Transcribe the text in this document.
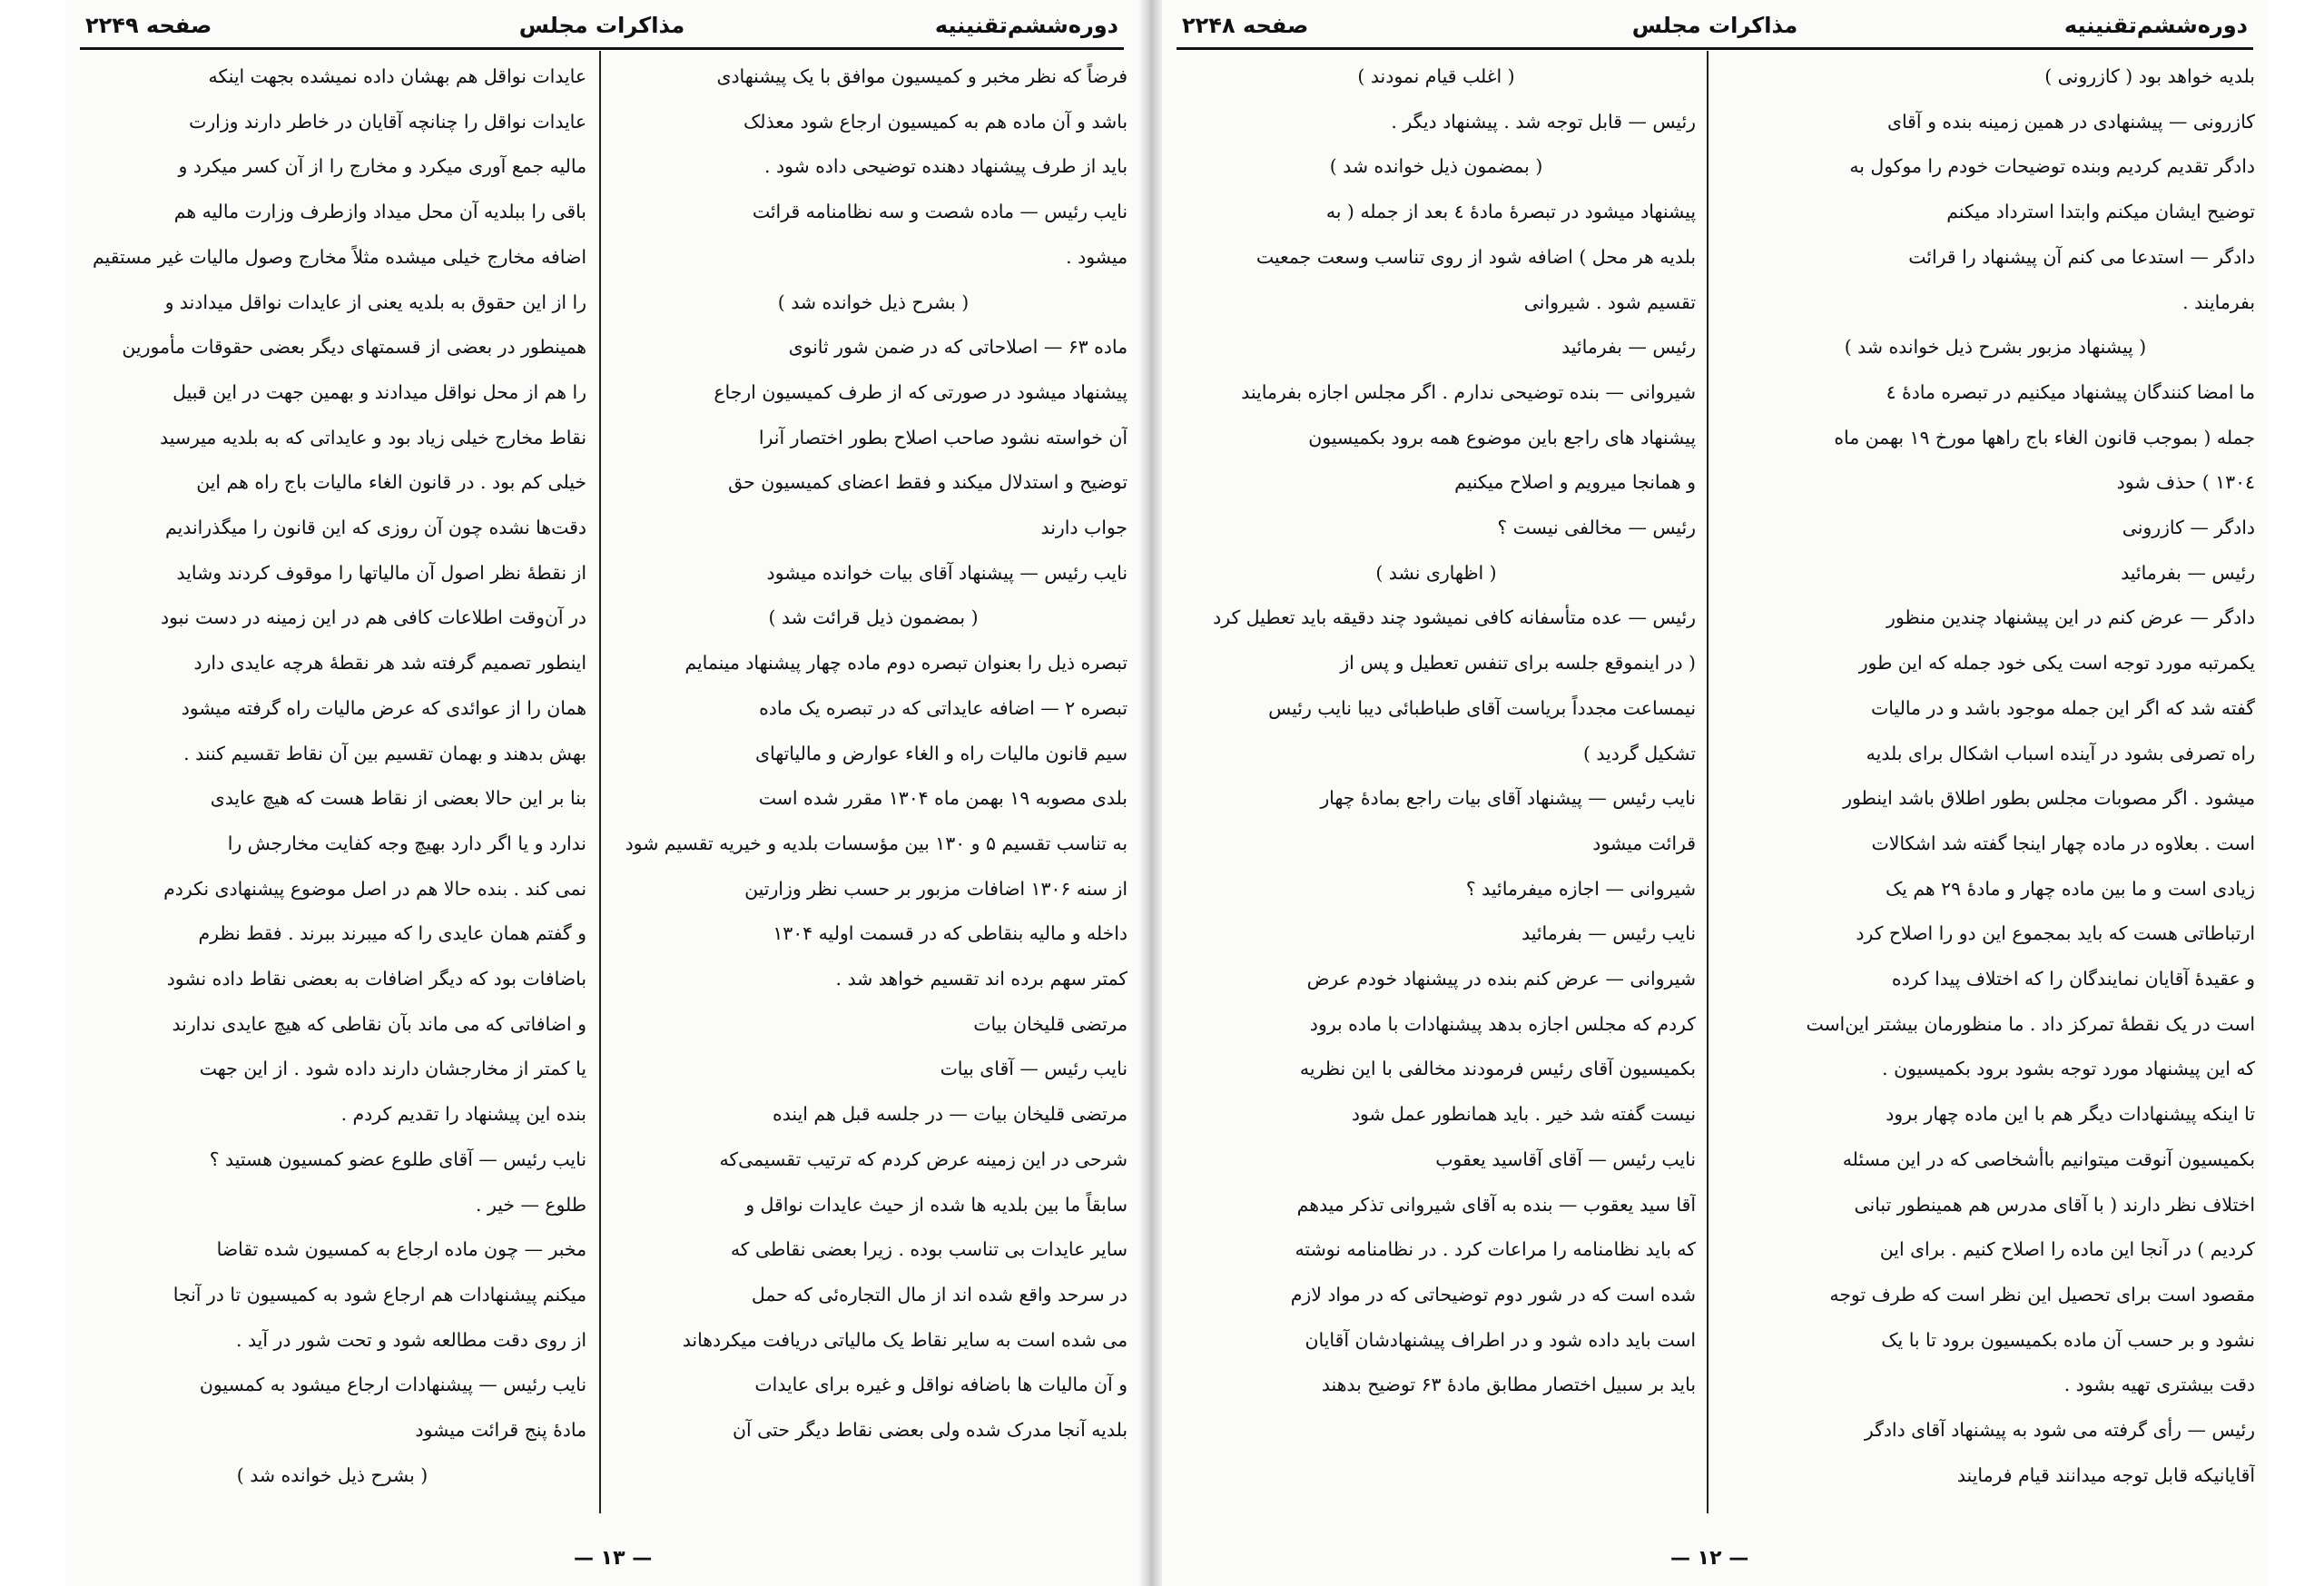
دوره‌ششم‌تقنینیه
مذاکرات مجلس
صفحه ۲۲۴۹

فرضاً که نظر مخبر و کمیسیون موافق با یک پیشنهادی

باشد و آن ماده هم به کمیسیون ارجاع شود معذلک

باید از طرف پیشنهاد دهنده توضیحی داده شود .

نایب رئیس — ماده شصت و سه نظامنامه قرائت

میشود .

( بشرح ذیل خوانده شد )

ماده ۶۳ — اصلاحاتی که در ضمن شور ثانوی

پیشنهاد میشود در صورتی که از طرف کمیسیون ارجاع

آن خواسته نشود صاحب اصلاح بطور اختصار آنرا

توضیح و استدلال میکند و فقط اعضای کمیسیون حق

جواب دارند

نایب رئیس — پیشنهاد آقای بیات خوانده میشود

( بمضمون ذیل قرائت شد )

تبصره ذیل را بعنوان تبصره دوم ماده چهار پیشنهاد مینمایم

تبصره ۲ — اضافه عایداتی که در تبصره یک ماده

سیم قانون مالیات راه و الغاء عوارض و مالیاتهای

بلدی مصوبه ۱۹ بهمن ماه ۱۳۰۴ مقرر شده است

به تناسب تقسیم ۵ و ۱۳۰ بین مؤسسات بلدیه و خیریه تقسیم شود

از سنه ۱۳۰۶ اضافات مزبور بر حسب نظر وزارتین

داخله و مالیه بنقاطی که در قسمت اولیه ۱۳۰۴

کمتر سهم برده اند تقسیم خواهد شد .

مرتضی قلیخان بیات

نایب رئیس — آقای بیات

مرتضی قلیخان بیات — در جلسه قبل هم اینده

شرحی در این زمینه عرض کردم که ترتیب تقسیمی‌که

سابقاً ما بین بلدیه ها شده از حیث عایدات نواقل و

سایر عایدات بی تناسب بوده . زیرا بعضی نقاطی که

در سرحد واقع شده اند از مال التجاره‌ئی که حمل

می شده است به سایر نقاط یک مالیاتی دریافت میکردهاند

و آن مالیات ها باضافه نواقل و غیره برای عایدات

بلدیه آنجا مدرک شده ولی بعضی نقاط دیگر حتی آن

عایدات نواقل هم بهشان داده نمیشده بجهت اینکه

عایدات نواقل را چنانچه آقایان در خاطر دارند وزارت

مالیه جمع آوری میکرد و مخارج را از آن کسر میکرد و

باقی را ببلدیه آن محل میداد وازطرف وزارت مالیه هم

اضافه مخارج خیلی میشده مثلاً مخارج وصول مالیات غیر مستقیم

را از این حقوق به بلدیه یعنی از عایدات نواقل میدادند و

همینطور در بعضی از قسمتهای دیگر بعضی حقوقات مأمورین

را هم از محل نواقل میدادند و بهمین جهت در این قبیل

نقاط مخارج خیلی زیاد بود و عایداتی که به بلدیه میرسید

خیلی کم بود . در قانون الغاء مالیات باج راه هم این

دقت‌ها نشده چون آن روزی که این قانون را میگذراندیم

از نقطهٔ نظر اصول آن مالیاتها را موقوف کردند وشاید

در آن‌وقت اطلاعات کافی هم در این زمینه در دست نبود

اینطور تصمیم گرفته شد هر نقطهٔ هرچه عایدی دارد

همان را از عوائدی که عرض مالیات راه گرفته میشود

بهش بدهند و بهمان تقسیم بین آن نقاط تقسیم کنند .

بنا بر این حالا بعضی از نقاط هست که هیچ عایدی

ندارد و یا اگر دارد بهیچ وجه کفایت مخارجش را

نمی کند . بنده حالا هم در اصل موضوع پیشنهادی نکردم

و گفتم همان عایدی را که میبرند ببرند . فقط نظرم

باضافات بود که دیگر اضافات به بعضی نقاط داده نشود

و اضافاتی که می ماند بآن نقاطی که هیچ عایدی ندارند

یا کمتر از مخارجشان دارند داده شود . از این جهت

بنده این پیشنهاد را تقدیم کردم .

نایب رئیس — آقای طلوع عضو کمسیون هستید ؟

طلوع — خیر .

مخبر — چون ماده ارجاع به کمسیون شده تقاضا

میکنم پیشنهادات هم ارجاع شود به کمیسیون تا در آنجا

از روی دقت مطالعه شود و تحت شور در آید .

نایب رئیس — پیشنهادات ارجاع میشود به کمسیون

مادهٔ پنج قرائت میشود

( بشرح ذیل خوانده شد )

— ۱۳ —
دوره‌ششم‌تقنینیه
مذاکرات مجلس
صفحه ۲۲۴۸

بلدیه خواهد بود ( کازرونی )

کازرونی — پیشنهادی در همین زمینه بنده و آقای

دادگر تقدیم کردیم وبنده توضیحات خودم را موکول به

توضیح ایشان میکنم وابتدا استرداد میکنم

دادگر — استدعا می کنم آن پیشنهاد را قرائت

بفرمایند .

( پیشنهاد مزبور بشرح ذیل خوانده شد )

ما امضا کنندگان پیشنهاد میکنیم در تبصره مادهٔ ٤

جمله ( بموجب قانون الغاء باج راهها مورخ ۱۹ بهمن ماه

۱۳۰٤ ) حذف شود

دادگر — کازرونی

رئیس — بفرمائید

دادگر — عرض کنم در این پیشنهاد چندین منظور

یکمرتبه مورد توجه است یکی خود جمله که این طور

گفته شد که اگر این جمله موجود باشد و در مالیات

راه تصرفی بشود در آینده اسباب اشکال برای بلدیه

میشود . اگر مصوبات مجلس بطور اطلاق باشد اینطور

است . بعلاوه در ماده چهار اینجا گفته شد اشکالات

زیادی است و ما بین ماده چهار و مادهٔ ۲۹ هم یک

ارتباطاتی هست که باید بمجموع این دو را اصلاح کرد

و عقیدهٔ آقایان نمایندگان را که اختلاف پیدا کرده

است در یک نقطهٔ تمرکز داد . ما منظورمان بیشتر این‌است

که این پیشنهاد مورد توجه بشود برود بکمیسیون .

تا اینکه پیشنهادات دیگر هم با این ماده چهار برود

بکمیسیون آنوقت میتوانیم باأشخاصی که در این مسئله

اختلاف نظر دارند ( با آقای مدرس هم همینطور تبانی

کردیم ) در آنجا این ماده را اصلاح کنیم . برای این

مقصود است برای تحصیل این نظر است که طرف توجه

نشود و بر حسب آن ماده بکمیسیون برود تا با یک

دقت بیشتری تهیه بشود .

رئیس — رأی گرفته می شود به پیشنهاد آقای دادگر

آقایانیکه قابل توجه میدانند قیام فرمایند

( اغلب قیام نمودند )

رئیس — قابل توجه شد . پیشنهاد دیگر .

( بمضمون ذیل خوانده شد )

پیشنهاد میشود در تبصرهٔ مادهٔ ٤ بعد از جمله ( به

بلدیه هر محل ) اضافه شود از روی تناسب وسعت جمعیت

تقسیم شود . شیروانی

رئیس — بفرمائید

شیروانی — بنده توضیحی ندارم . اگر مجلس اجازه بفرمایند

پیشنهاد های راجع باین موضوع همه برود بکمیسیون

و همانجا میرویم و اصلاح میکنیم

رئیس — مخالفی نیست ؟

( اظهاری نشد )

رئیس — عده متأسفانه کافی نمیشود چند دقیقه باید تعطیل کرد

( در اینموقع جلسه برای تنفس تعطیل و پس از

نیمساعت مجدداً بریاست آقای طباطبائی دیبا نایب رئیس

تشکیل گردید )

نایب رئیس — پیشنهاد آقای بیات راجع بمادهٔ چهار

قرائت میشود

شیروانی — اجازه میفرمائید ؟

نایب رئیس — بفرمائید

شیروانی — عرض کنم بنده در پیشنهاد خودم عرض

کردم که مجلس اجازه بدهد پیشنهادات با ماده برود

بکمیسیون آقای رئیس فرمودند مخالفی با این نظریه

نیست گفته شد خیر . باید همانطور عمل شود

نایب رئیس — آقای آقاسید یعقوب

آقا سید یعقوب — بنده به آقای شیروانی تذکر میدهم

که باید نظامنامه را مراعات کرد . در نظامنامه نوشته

شده است که در شور دوم توضیحاتی که در مواد لازم

است باید داده شود و در اطراف پیشنهادشان آقایان

باید بر سبیل اختصار مطابق مادهٔ ۶۳ توضیح بدهند

— ۱۲ —
